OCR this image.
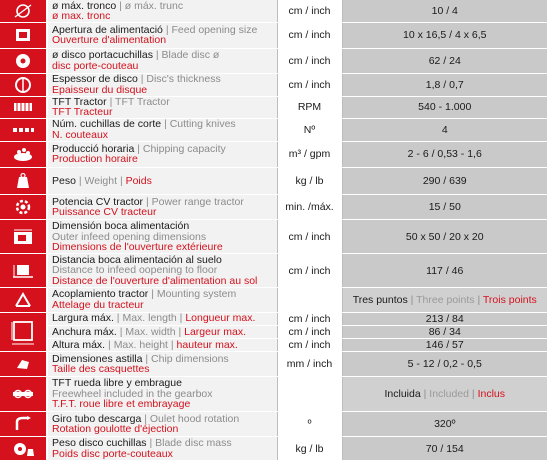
	ø máx. tronco | ø máx. trunc
ø max. tronc	cm / inch	10 / 4

	Apertura de alimentació | Feed opening size
Ouverture d'alimentation	cm / inch	10 x 16,5 / 4 x 6,5

	ø disco portacuchillas | Blade disc ø
disc porte-couteau	cm / inch	62 / 24

	Espessor de disco | Disc's thickness
Epaisseur du disque	cm / inch	1,8 / 0,7

	TFT Tractor | TFT Tractor
TFT Tracteur	RPM	540 - 1.000

	Núm. cuchillas de corte | Cutting knives
N. couteaux	Nº	4

	Producció horaria | Chipping capacity
Production horaire	m³ / gpm	2 - 6 / 0,53 - 1,6

	Peso | Weight | Poids	kg / lb	290 / 639

	Potencia CV tractor | Power range tractor
Puissance CV tracteur	min. /máx.	15 / 50

	Dimensión boca alimentación
Outer infeed opening dimensions
Dimensions de l'ouverture extérieure	cm / inch	50 x 50 / 20 x 20

	Distancia boca alimentación al suelo
Distance to infeed oopening to floor
Distance de l'ouverture d'alimentation au sol	cm / inch	117 / 46

	Acoplamiento tractor | Mounting system
Attelage du tracteur		Tres puntos | Three points | Trois points

	Largura máx. | Max. length | Longueur max.	cm / inch	213 / 84
	Anchura máx. | Max. width | Largeur max.	cm / inch	86 / 34
	Altura máx. | Max. height | hauteur max.	cm / inch	146 / 57

	Dimensiones astilla | Chip dimensions
Taille des casquettes	mm / inch	5 - 12 / 0,2 - 0,5

	TFT rueda libre y embrague
Freewheel included in the gearbox
T.F.T. roue libre et embrayage		Incluida | Included | Inclus

	Giro tubo descarga | Oulet hood rotation
Rotation goulotte d'éjection	º	320º

	Peso disco cuchillas | Blade disc mass
Poids disc porte-couteaux	kg / lb	70 / 154
